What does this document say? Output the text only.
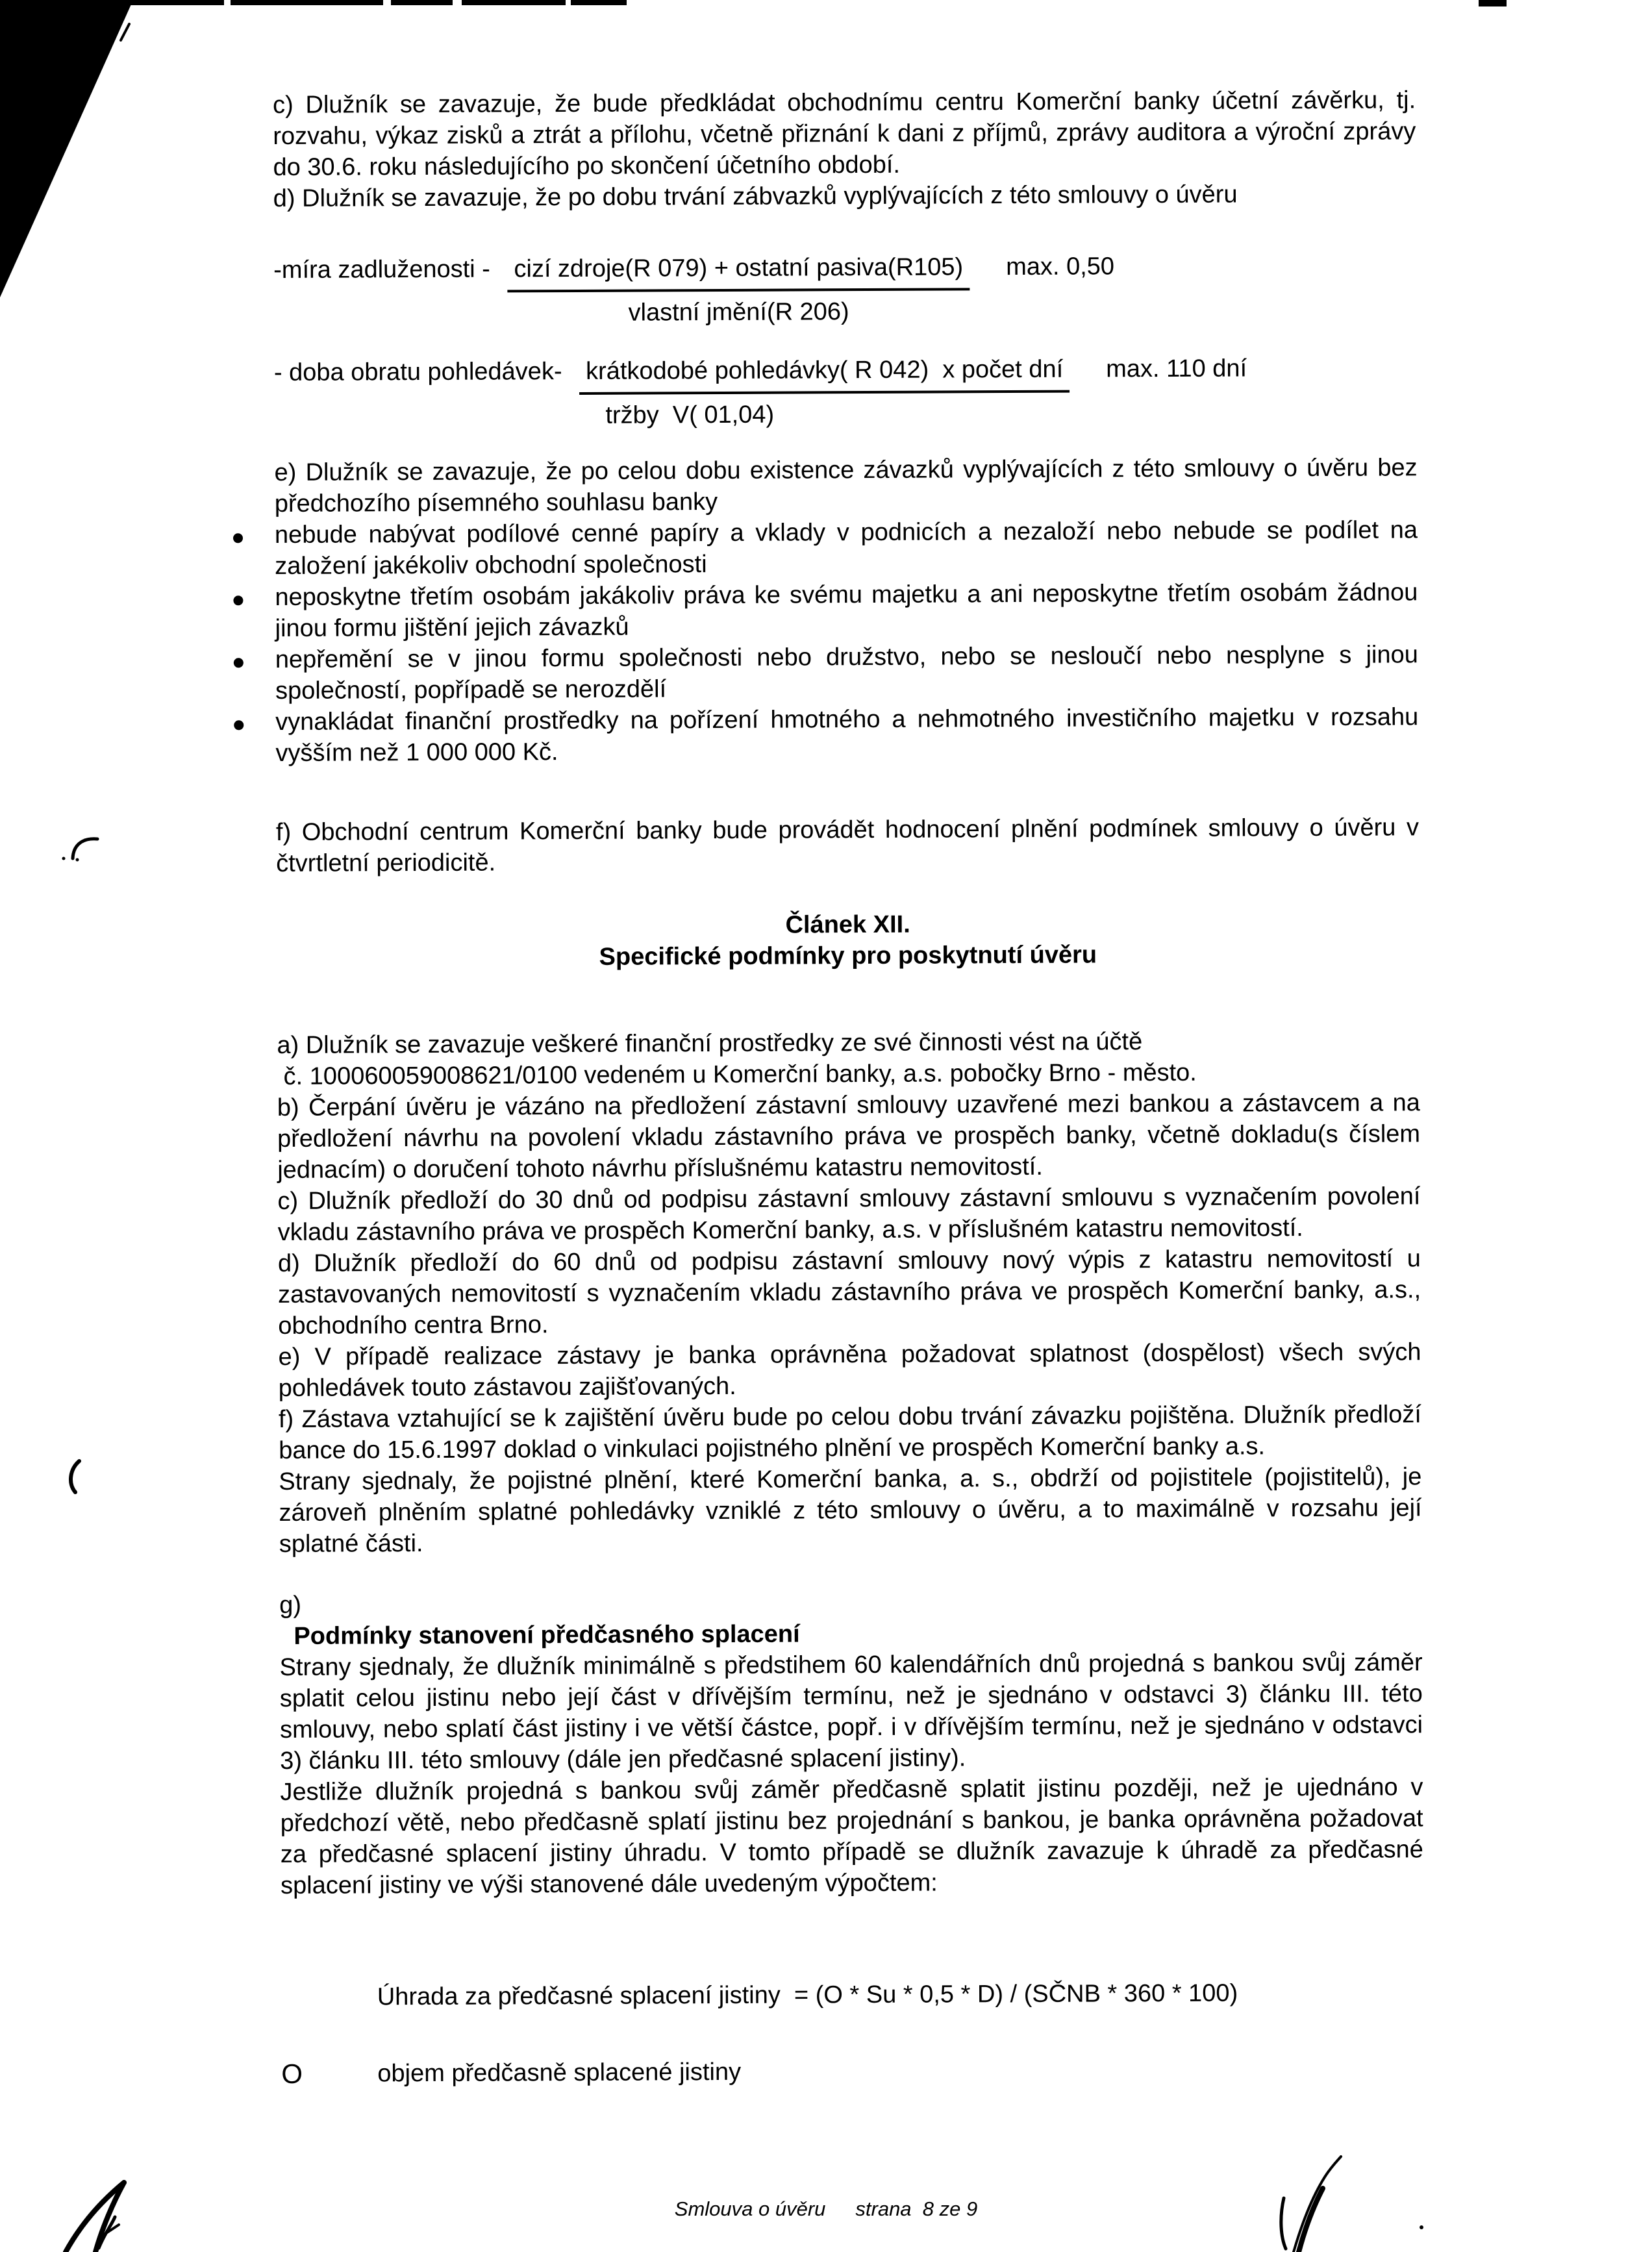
c) Dlužník se zavazuje, že bude předkládat obchodnímu centru Komerční banky účetní závěrku, tj. rozvahu, výkaz zisků a ztrát a přílohu, včetně přiznání k dani z příjmů, zprávy auditora a výroční zprávy do 30.6. roku následujícího po skončení účetního období.
d) Dlužník se zavazuje, že po dobu trvání zábvazků vyplývajících z této smlouvy o úvěru
-míra zadluženosti - $\frac{\text{cizí zdroje(R 079) + ostatní pasiva(R105)}}{\text{vlastní jmění(R 206)}} \max$. 0,50
- doba obratu pohledávek- $\frac{\text{krátkodobé pohledávky( R 042)  x počet dní}}{\text{tržby  V( 01,04)}} \max$. 110 dní
e) Dlužník se zavazuje, že po celou dobu existence závazků vyplývajících z této smlouvy o úvěru bez předchozího písemného souhlasu banky
nebude nabývat podílové cenné papíry a vklady v podnicích a nezaloží nebo nebude se podílet na založení jakékoliv obchodní společnosti
neposkytne třetím osobám jakákoliv práva ke svému majetku a ani neposkytne třetím osobám žádnou jinou formu jištění jejich závazků
nepřemění se v jinou formu společnosti nebo družstvo, nebo se nesloučí nebo nesplyne s jinou společností, popřípadě se nerozdělí
vynakládat finanční prostředky na pořízení hmotného a nehmotného investičního majetku v rozsahu vyšším než 1 000 000 Kč.
f) Obchodní centrum Komerční banky bude provádět hodnocení plnění podmínek smlouvy o úvěru v čtvrtletní periodicitě.
Článek XII.
Specifické podmínky pro poskytnutí úvěru
a) Dlužník se zavazuje veškeré finanční prostředky ze své činnosti vést na účtě
č. 100060059008621/0100 vedeném u Komerční banky, a.s. pobočky Brno - město.
b) Čerpání úvěru je vázáno na předložení zástavní smlouvy uzavřené mezi bankou a zástavcem a na předložení návrhu na povolení vkladu zástavního práva ve prospěch banky, včetně dokladu(s číslem jednacím) o doručení tohoto návrhu příslušnému katastru nemovitostí.
c) Dlužník předloží do 30 dnů od podpisu zástavní smlouvy zástavní smlouvu s vyznačením povolení vkladu zástavního práva ve prospěch Komerční banky, a.s. v příslušném katastru nemovitostí.
d) Dlužník předloží do 60 dnů od podpisu zástavní smlouvy nový výpis z katastru nemovitostí u zastavovaných nemovitostí s vyznačením vkladu zástavního práva ve prospěch Komerční banky, a.s., obchodního centra Brno.
e) V případě realizace zástavy je banka oprávněna požadovat splatnost (dospělost) všech svých pohledávek touto zástavou zajišťovaných.
f) Zástava vztahující se k zajištění úvěru bude po celou dobu trvání závazku pojištěna. Dlužník předloží bance do 15.6.1997 doklad o vinkulaci pojistného plnění ve prospěch Komerční banky a.s.
Strany sjednaly, že pojistné plnění, které Komerční banka, a. s., obdrží od pojistitele (pojistitelů), je zároveň plněním splatné pohledávky vzniklé z této smlouvy o úvěru, a to maximálně v rozsahu její splatné části.
g)
Podmínky stanovení předčasného splacení
Strany sjednaly, že dlužník minimálně s předstihem 60 kalendářních dnů projedná s bankou svůj záměr splatit celou jistinu nebo její část v dřívějším termínu, než je sjednáno v odstavci 3) článku III. této smlouvy, nebo splatí část jistiny i ve větší částce, popř. i v dřívějším termínu, než je sjednáno v odstavci 3) článku III. této smlouvy (dále jen předčasné splacení jistiny).
Jestliže dlužník projedná s bankou svůj záměr předčasně splatit jistinu později, než je ujednáno v předchozí větě, nebo předčasně splatí jistinu bez projednání s bankou, je banka oprávněna požadovat za předčasné splacení jistiny úhradu. V tomto případě se dlužník zavazuje k úhradě za předčasné splacení jistiny ve výši stanovené dále uvedeným výpočtem:
Úhrada za předčasné splacení jistiny  = (O * Su * 0,5 * D) / (SČNB * 360 * 100)
O	objem předčasně splacené jistiny
Smlouva o úvěru strana  8 ze 9
